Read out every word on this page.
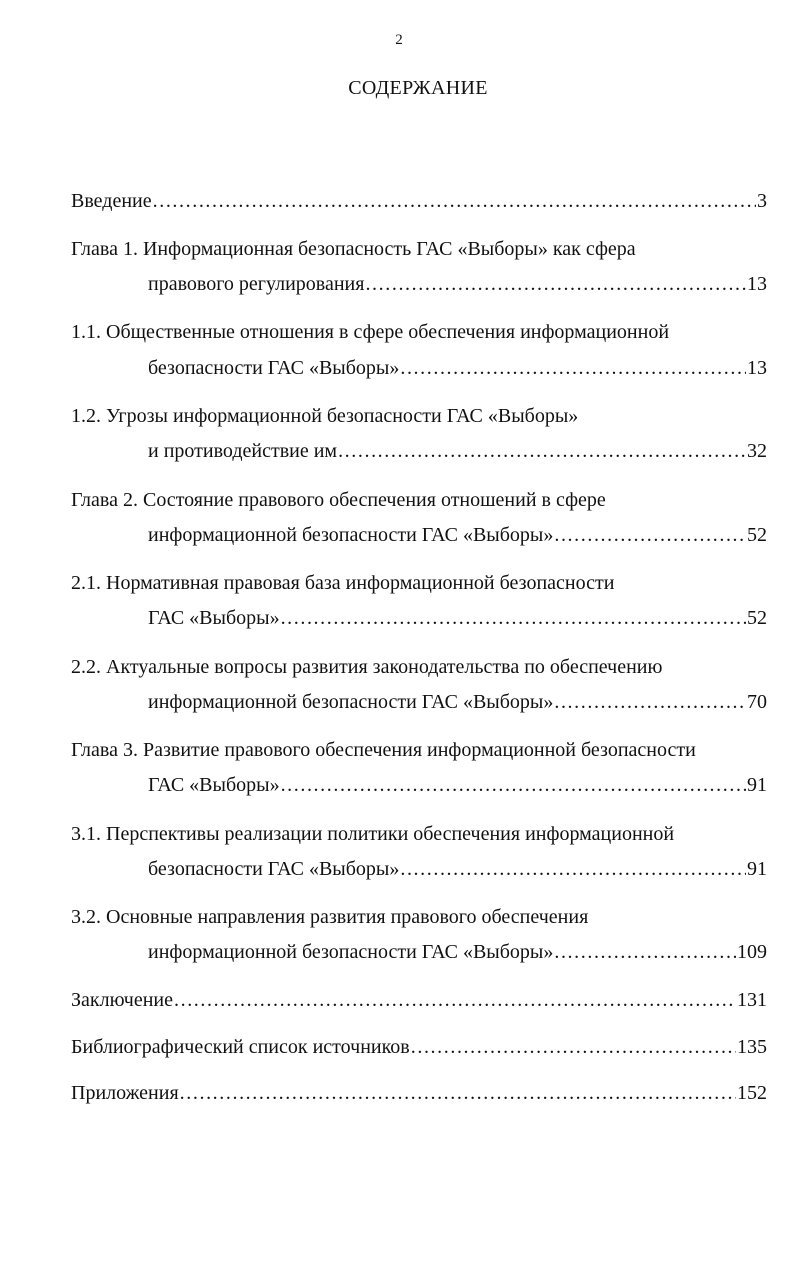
2
СОДЕРЖАНИЕ
Введение .....	3
Глава 1. Информационная безопасность ГАС «Выборы» как сфера
правового регулирования .....	13
1.1. Общественные отношения в сфере обеспечения информационной
безопасности ГАС «Выборы» .....	13
1.2. Угрозы информационной безопасности ГАС «Выборы»
и противодействие им .....	32
Глава 2. Состояние правового обеспечения отношений в сфере
информационной безопасности ГАС «Выборы» .....	52
2.1. Нормативная правовая база информационной безопасности
ГАС «Выборы» .....	52
2.2. Актуальные вопросы развития законодательства по обеспечению
информационной безопасности ГАС «Выборы» .....	70
Глава 3. Развитие правового обеспечения информационной безопасности
ГАС «Выборы» .....	91
3.1. Перспективы реализации политики обеспечения информационной
безопасности ГАС «Выборы» .....	91
3.2. Основные направления развития правового обеспечения
информационной безопасности ГАС «Выборы» .....	109
Заключение .....	131
Библиографический список источников .....	135
Приложения .....	152
